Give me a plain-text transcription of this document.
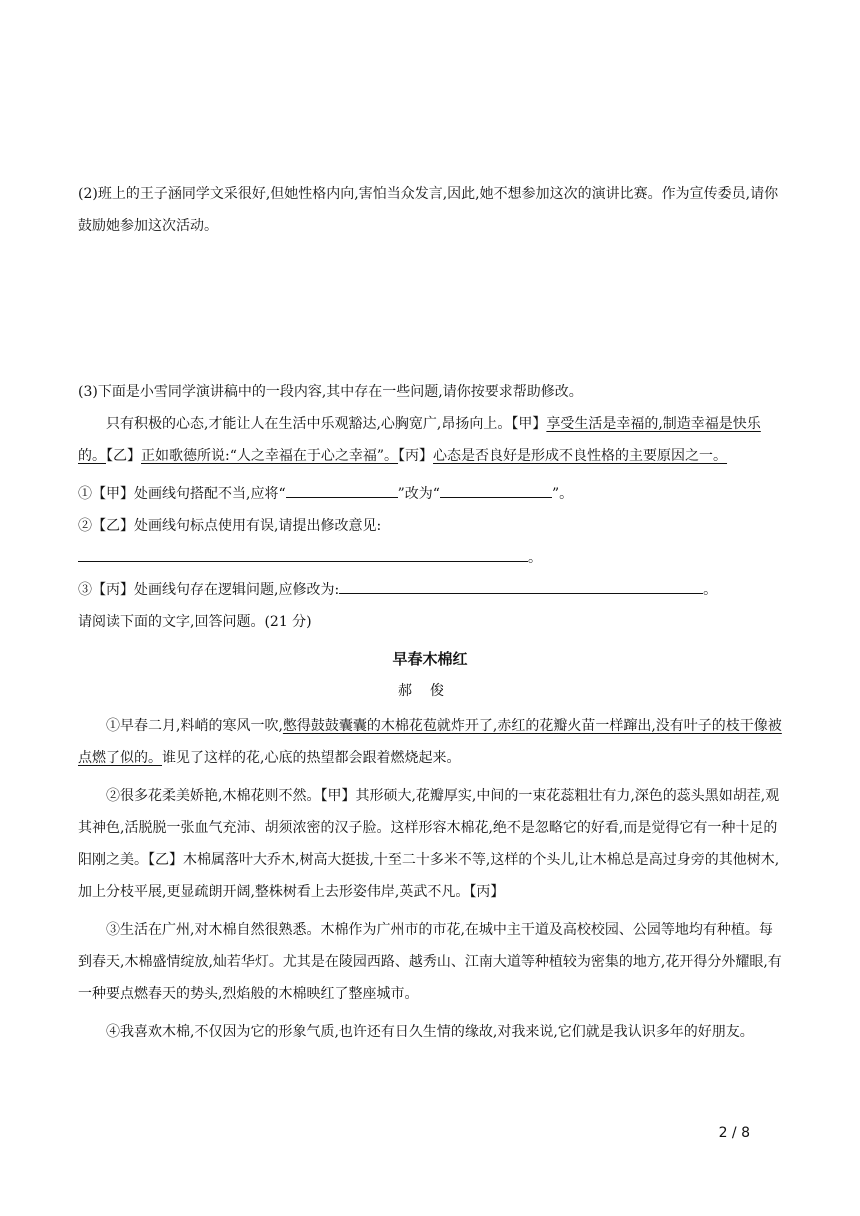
(2)班上的王子涵同学文采很好,但她性格内向,害怕当众发言,因此,她不想参加这次的演讲比赛。作为宣传委员,请你鼓励她参加这次活动。

(3)下面是小雪同学演讲稿中的一段内容,其中存在一些问题,请你按要求帮助修改。

只有积极的心态,才能让人在生活中乐观豁达,心胸宽广,昂扬向上。【甲】享受生活是幸福的,制造幸福是快乐的。【乙】正如歌德所说:“人之幸福在于心之幸福”。【丙】心态是否良好是形成不良性格的主要原因之一。

①【甲】处画线句搭配不当,应将“	”改为“	”。

②【乙】处画线句标点使用有误,请提出修改意见:

。

③【丙】处画线句存在逻辑问题,应修改为:	。

请阅读下面的文字,回答问题。(21 分)

早春木棉红
郝俊

①早春二月,料峭的寒风一吹,憋得鼓鼓囊囊的木棉花苞就炸开了,赤红的花瓣火苗一样蹿出,没有叶子的枝干像被点燃了似的。谁见了这样的花,心底的热望都会跟着燃烧起来。

②很多花柔美娇艳,木棉花则不然。【甲】其形硕大,花瓣厚实,中间的一束花蕊粗壮有力,深色的蕊头黑如胡茬,观其神色,活脱脱一张血气充沛、胡须浓密的汉子脸。这样形容木棉花,绝不是忽略它的好看,而是觉得它有一种十足的阳刚之美。【乙】木棉属落叶大乔木,树高大挺拔,十至二十多米不等,这样的个头儿,让木棉总是高过身旁的其他树木,加上分枝平展,更显疏朗开阔,整株树看上去形姿伟岸,英武不凡。【丙】

③生活在广州,对木棉自然很熟悉。木棉作为广州市的市花,在城中主干道及高校校园、公园等地均有种植。每到春天,木棉盛情绽放,灿若华灯。尤其是在陵园西路、越秀山、江南大道等种植较为密集的地方,花开得分外耀眼,有一种要点燃春天的势头,烈焰般的木棉映红了整座城市。

④我喜欢木棉,不仅因为它的形象气质,也许还有日久生情的缘故,对我来说,它们就是我认识多年的好朋友。

2 / 8
